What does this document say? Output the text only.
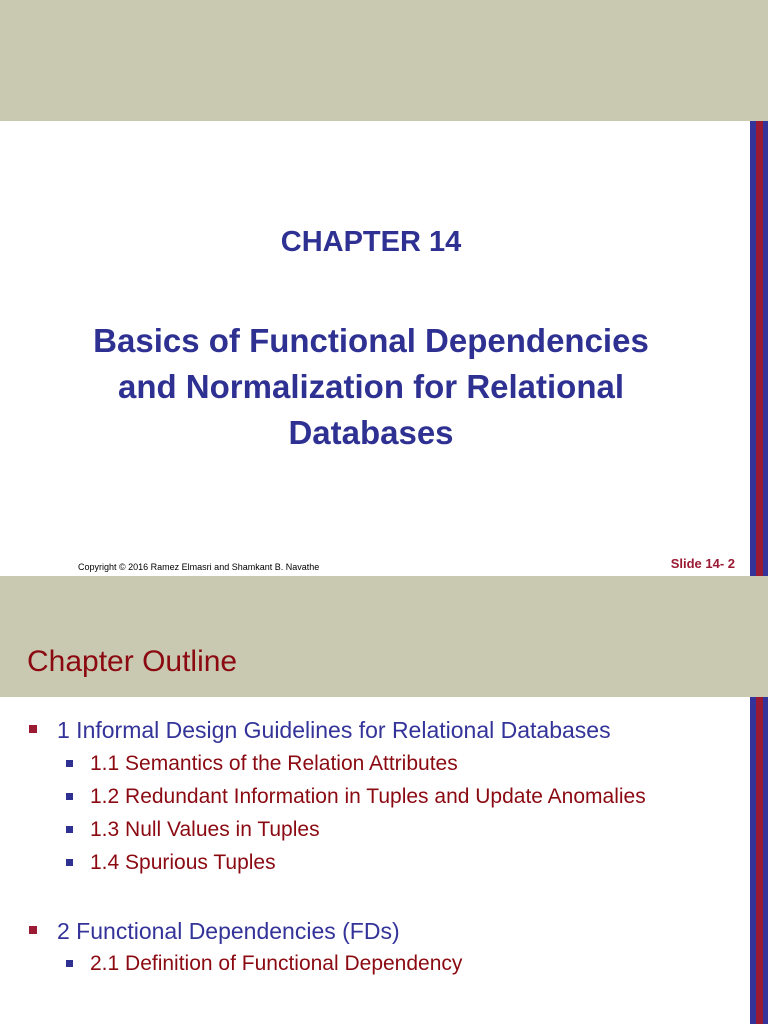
CHAPTER 14
Basics of Functional Dependencies
and Normalization for Relational
Databases
Copyright © 2016 Ramez Elmasri and Shamkant B. Navathe	Slide 14- 2
Chapter Outline
1 Informal Design Guidelines for Relational Databases
1.1 Semantics of the Relation Attributes
1.2 Redundant Information in Tuples and Update Anomalies
1.3 Null Values in Tuples
1.4 Spurious Tuples
2 Functional Dependencies (FDs)
2.1 Definition of Functional Dependency
